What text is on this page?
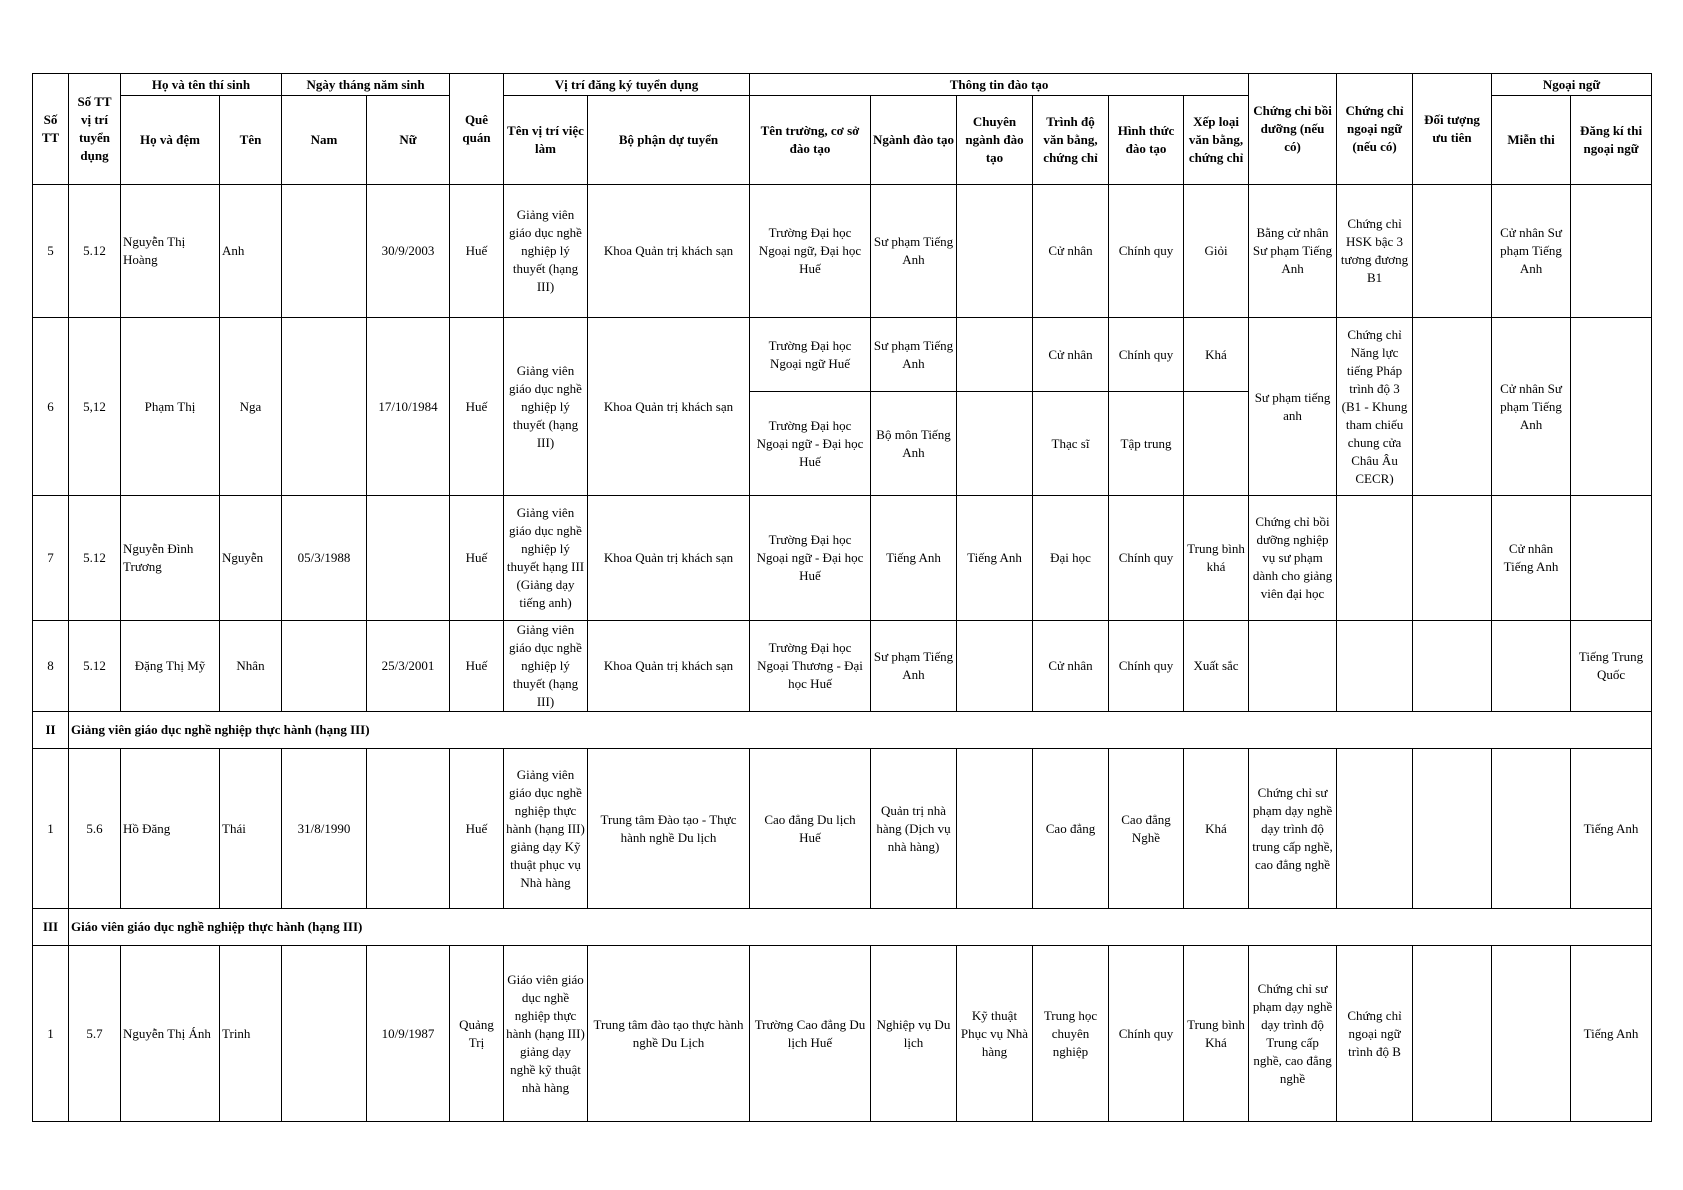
Số TT	Số TT vị trí tuyển dụng	Họ và tên thí sinh		Ngày tháng năm sinh		Quê quán	Vị trí đăng ký tuyển dụng		Thông tin đào tạo						Chứng chỉ bồi dưỡng (nếu có)	Chứng chỉ ngoại ngữ (nếu có)	Đối tượng ưu tiên	Ngoại ngữ	
		Họ và đệm	Tên	Nam	Nữ		Tên vị trí việc làm	Bộ phận dự tuyển	Tên trường, cơ sở đào tạo	Ngành đào tạo	Chuyên ngành đào tạo	Trình độ văn bằng, chứng chỉ	Hình thức đào tạo	Xếp loại văn bằng, chứng chỉ				Miễn thi	Đăng kí thi ngoại ngữ
5	5.12	Nguyễn Thị Hoàng	Anh		30/9/2003	Huế	Giảng viên giáo dục nghề nghiệp lý thuyết (hạng III)	Khoa Quản trị khách sạn	Trường Đại học Ngoại ngữ, Đại học Huế	Sư phạm Tiếng Anh		Cử nhân	Chính quy	Giỏi	Bằng cử nhân Sư phạm Tiếng Anh	Chứng chỉ HSK bậc 3 tương đương B1		Cử nhân Sư phạm Tiếng Anh	
6	5,12	Phạm Thị	Nga		17/10/1984	Huế	Giảng viên giáo dục nghề nghiệp lý thuyết (hạng III)	Khoa Quản trị khách sạn	Trường Đại học Ngoại ngữ Huế	Sư phạm Tiếng Anh		Cử nhân	Chính quy	Khá	Sư phạm tiếng anh	Chứng chỉ Năng lực tiếng Pháp trình độ 3 (B1 - Khung tham chiếu chung cửa Châu Âu CECR)		Cử nhân Sư phạm Tiếng Anh	
									Trường Đại học Ngoại ngữ - Đại học Huế	Bộ môn Tiếng Anh		Thạc sĩ	Tập trung						
7	5.12	Nguyễn Đình Trương	Nguyễn	05/3/1988		Huế	Giảng viên giáo dục nghề nghiệp lý thuyết hạng III (Giảng dạy tiếng anh)	Khoa Quản trị khách sạn	Trường Đại học Ngoại ngữ - Đại học Huế	Tiếng Anh	Tiếng Anh	Đại học	Chính quy	Trung bình khá	Chứng chỉ bồi dưỡng nghiệp vụ sư phạm dành cho giảng viên đại học			Cử nhân Tiếng Anh	
8	5.12	Đặng Thị Mỹ	Nhân		25/3/2001	Huế	Giảng viên giáo dục nghề nghiệp lý thuyết (hạng III)	Khoa Quản trị khách sạn	Trường Đại học Ngoại Thương - Đại học Huế	Sư phạm Tiếng Anh		Cử nhân	Chính quy	Xuất sắc					Tiếng Trung Quốc
II	Giảng viên giáo dục nghề nghiệp thực hành (hạng III)																		
1	5.6	Hồ Đăng	Thái	31/8/1990		Huế	Giảng viên giáo dục nghề nghiệp thực hành (hạng III) giảng dạy Kỹ thuật phục vụ Nhà hàng	Trung tâm Đào tạo - Thực hành nghề Du lịch	Cao đẳng Du lịch Huế	Quản trị nhà hàng (Dịch vụ nhà hàng)		Cao đẳng	Cao đẳng Nghề	Khá	Chứng chỉ sư phạm dạy nghề dạy trình độ trung cấp nghề, cao đẳng nghề				Tiếng Anh
III	Giáo viên giáo dục nghề nghiệp thực hành (hạng III)																		
1	5.7	Nguyễn Thị Ánh	Trinh		10/9/1987	Quảng Trị	Giáo viên giáo dục nghề nghiệp thực hành (hạng III) giảng dạy nghề kỹ thuật nhà hàng	Trung tâm đào tạo thực hành nghề Du Lịch	Trường Cao đẳng Du lịch Huế	Nghiệp vụ Du lịch	Kỹ thuật Phục vụ Nhà hàng	Trung học chuyên nghiệp	Chính quy	Trung bình Khá	Chứng chỉ sư phạm dạy nghề dạy trình độ Trung cấp nghề, cao đẳng nghề	Chứng chỉ ngoại ngữ trình độ B			Tiếng Anh
